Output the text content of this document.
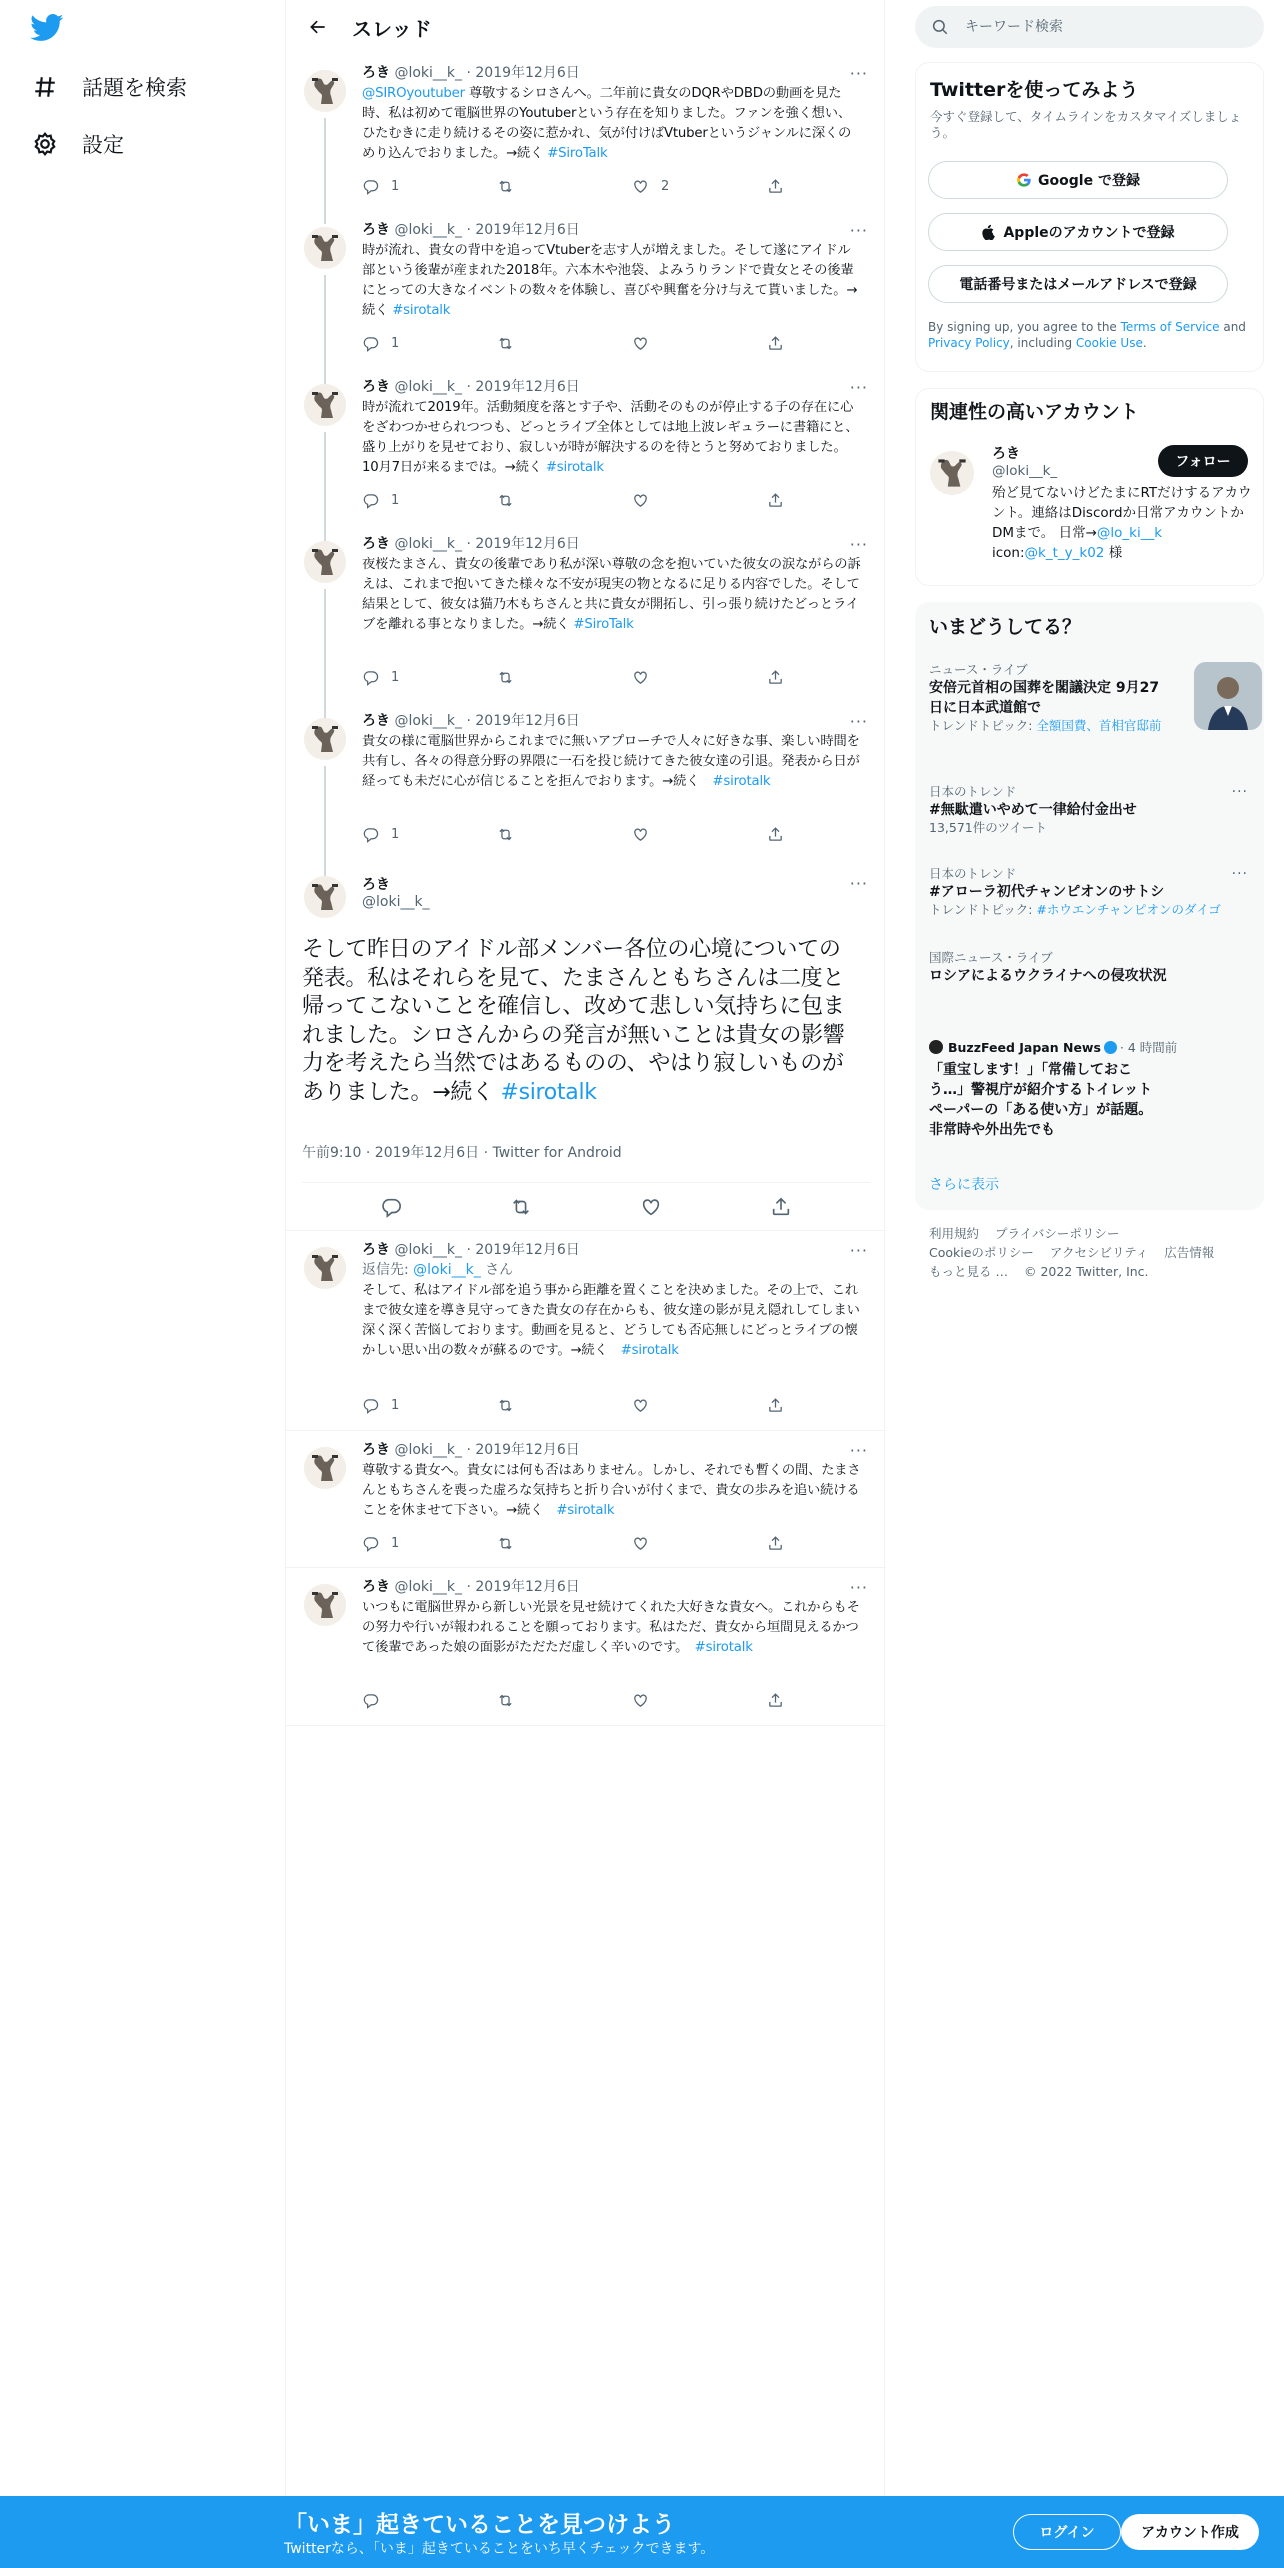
話題を検索
設定
スレッド
ろき @loki__k_ · 2019年12月6日
@SIROyoutuber 尊敬するシロさんへ。二年前に貴女のDQRやDBDの動画を見た時、私は初めて電脳世界のYoutuberという存在を知りました。ファンを強く想い、ひたむきに走り続けるその姿に惹かれ、気が付けばVtuberというジャンルに深くのめり込んでおりました。→続く #SiroTalk
···
1	2
ろき @loki__k_ · 2019年12月6日
時が流れ、貴女の背中を追ってVtuberを志す人が増えました。そして遂にアイドル部という後輩が産まれた2018年。六本木や池袋、よみうりランドで貴女とその後輩にとっての大きなイベントの数々を体験し、喜びや興奮を分け与えて貰いました。→続く #sirotalk
···
1
ろき @loki__k_ · 2019年12月6日
時が流れて2019年。活動頻度を落とす子や、活動そのものが停止する子の存在に心をざわつかせられつつも、どっとライブ全体としては地上波レギュラーに書籍にと、盛り上がりを見せており、寂しいが時が解決するのを待とうと努めておりました。10月7日が来るまでは。→続く #sirotalk
···
1
ろき @loki__k_ · 2019年12月6日
夜桜たまさん、貴女の後輩であり私が深い尊敬の念を抱いていた彼女の涙ながらの訴えは、これまで抱いてきた様々な不安が現実の物となるに足りる内容でした。そして結果として、彼女は猫乃木もちさんと共に貴女が開拓し、引っ張り続けたどっとライブを離れる事となりました。→続く #SiroTalk
···
1
ろき @loki__k_ · 2019年12月6日
貴女の様に電脳世界からこれまでに無いアプローチで人々に好きな事、楽しい時間を共有し、各々の得意分野の界隈に一石を投じ続けてきた彼女達の引退。発表から日が経っても未だに心が信じることを拒んでおります。→続く　#sirotalk
···
1
ろき
@loki__k_
···
そして昨日のアイドル部メンバー各位の心境についての発表。私はそれらを見て、たまさんともちさんは二度と帰ってこないことを確信し、改めて悲しい気持ちに包まれました。シロさんからの発言が無いことは貴女の影響力を考えたら当然ではあるものの、やはり寂しいものがありました。→続く #sirotalk
午前9:10 · 2019年12月6日 · Twitter for Android
ろき @loki__k_ · 2019年12月6日
返信先: @loki__k_ さん
そして、私はアイドル部を追う事から距離を置くことを決めました。その上で、これまで彼女達を導き見守ってきた貴女の存在からも、彼女達の影が見え隠れしてしまい深く深く苦悩しております。動画を見ると、どうしても否応無しにどっとライブの懐かしい思い出の数々が蘇るのです。→続く　#sirotalk
···
1
ろき @loki__k_ · 2019年12月6日
尊敬する貴女へ。貴女には何も否はありません。しかし、それでも暫くの間、たまさんともちさんを喪った虚ろな気持ちと折り合いが付くまで、貴女の歩みを追い続けることを休ませて下さい。→続く　#sirotalk
···
1
ろき @loki__k_ · 2019年12月6日
いつもに電脳世界から新しい光景を見せ続けてくれた大好きな貴女へ。これからもその努力や行いが報われることを願っております。私はただ、貴女から垣間見えるかつて後輩であった娘の面影がただただ虚しく辛いのです。　#sirotalk
···
キーワード検索
Twitterを使ってみよう
今すぐ登録して、タイムラインをカスタマイズしましょう。
Google で登録
Appleのアカウントで登録
電話番号またはメールアドレスで登録
By signing up, you agree to the Terms of Service and Privacy Policy, including Cookie Use.
関連性の高いアカウント
ろき
@loki__k_
フォロー
殆ど見てないけどたまにRTだけするアカウント。連絡はDiscordか日常アカウントかDMまで。 日常→@lo_ki__k icon:@k_t_y_k02 様
いまどうしてる？
ニュース・ライブ
安倍元首相の国葬を閣議決定 9月27日に日本武道館で
トレンドトピック: 全額国費、首相官邸前
日本のトレンド
#無駄遣いやめて一律給付金出せ
13,571件のツイート
···
日本のトレンド
#アローラ初代チャンピオンのサトシ
トレンドトピック: #ホウエンチャンピオンのダイゴ
···
国際ニュース・ライブ
ロシアによるウクライナへの侵攻状況
BuzzFeed Japan News · 4 時間前
「重宝します！」「常備しておこう…」警視庁が紹介するトイレットペーパーの「ある使い方」が話題。非常時や外出先でも
さらに表示
利用規約 プライバシーポリシー
Cookieのポリシー アクセシビリティ 広告情報
もっと見る … © 2022 Twitter, Inc.
「いま」起きていることを見つけよう
Twitterなら、「いま」起きていることをいち早くチェックできます。
ログイン	アカウント作成
